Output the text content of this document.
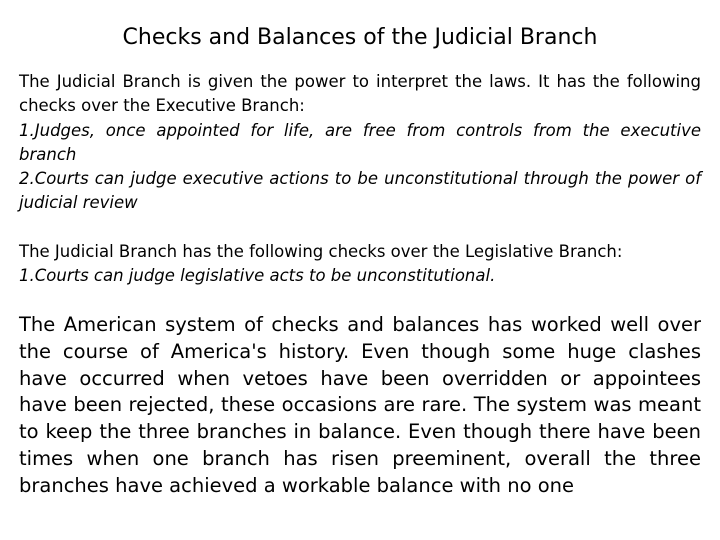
Checks and Balances of the Judicial Branch

The Judicial Branch is given the power to interpret the laws. It has the following checks over the Executive Branch:

1.Judges, once appointed for life, are free from controls from the executive branch

2.Courts can judge executive actions to be unconstitutional through the power of judicial review

The Judicial Branch has the following checks over the Legislative Branch:

1.Courts can judge legislative acts to be unconstitutional.

The American system of checks and balances has worked well over the course of America's history. Even though some huge clashes have occurred when vetoes have been overridden or appointees have been rejected, these occasions are rare. The system was meant to keep the three branches in balance. Even though there have been times when one branch has risen preeminent, overall the three branches have achieved a workable balance with no one
